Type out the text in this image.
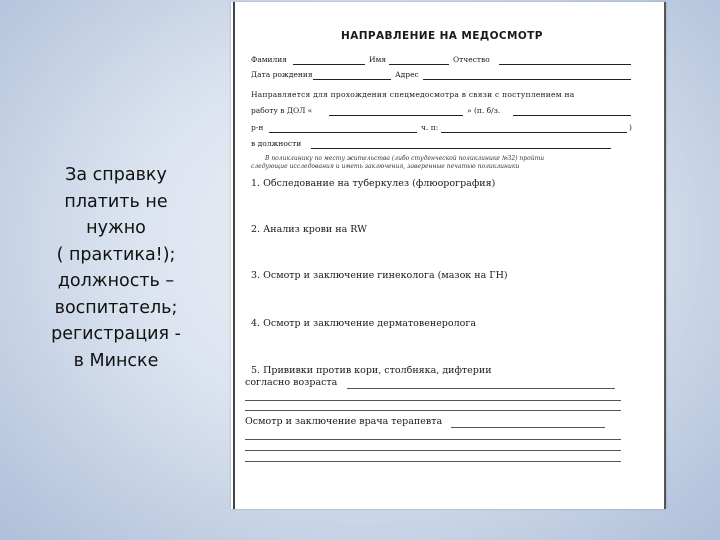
За справку
платить не
нужно
( практика!);
должность –
воспитатель;
регистрация -
в Минске
НАПРАВЛЕНИЕ НА МЕДОСМОТР
Фамилия	Имя	Отчество
Дата рождения	Адрес
Направляется для прохождения спецмедосмотра в связи с поступлением на
работу в ДОЛ «	» (п. б/з.
р-н	ч. п:	)
в должности
В поликлинику по месту жительства (либо студенческой поликлинике №32) пройти
следующие исследования и иметь заключения, заверенные печатью поликлиники
1. Обследование на туберкулез (флюорография)
2. Анализ крови на RW
3. Осмотр и заключение гинеколога (мазок на ГН)
4. Осмотр и заключение дерматовенеролога
5. Прививки против кори, столбняка, дифтерии
согласно возраста
Осмотр и заключение врача терапевта
